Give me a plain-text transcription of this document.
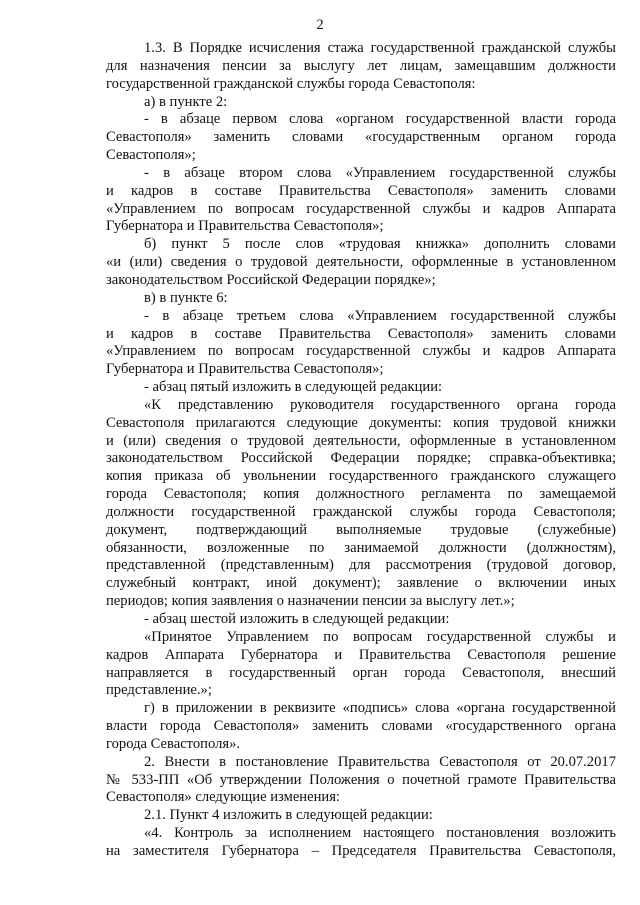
2
1.3. В Порядке исчисления стажа государственной гражданской службы
для назначения пенсии за выслугу лет лицам, замещавшим должности
государственной гражданской службы города Севастополя:
а) в пункте 2:
- в абзаце первом слова «органом государственной власти города
Севастополя» заменить словами «государственным органом города
Севастополя»;
- в абзаце втором слова «Управлением государственной службы
и кадров в составе Правительства Севастополя» заменить словами
«Управлением по вопросам государственной службы и кадров Аппарата
Губернатора и Правительства Севастополя»;
б) пункт 5 после слов «трудовая книжка» дополнить словами
«и (или) сведения о трудовой деятельности, оформленные в установленном
законодательством Российской Федерации порядке»;
в) в пункте 6:
- в абзаце третьем слова «Управлением государственной службы
и кадров в составе Правительства Севастополя» заменить словами
«Управлением по вопросам государственной службы и кадров Аппарата
Губернатора и Правительства Севастополя»;
- абзац пятый изложить в следующей редакции:
«К представлению руководителя государственного органа города
Севастополя прилагаются следующие документы: копия трудовой книжки
и (или) сведения о трудовой деятельности, оформленные в установленном
законодательством Российской Федерации порядке; справка-объективка;
копия приказа об увольнении государственного гражданского служащего
города Севастополя; копия должностного регламента по замещаемой
должности государственной гражданской службы города Севастополя;
документ, подтверждающий выполняемые трудовые (служебные)
обязанности, возложенные по занимаемой должности (должностям),
представленной (представленным) для рассмотрения (трудовой договор,
служебный контракт, иной документ); заявление о включении иных
периодов; копия заявления о назначении пенсии за выслугу лет.»;
- абзац шестой изложить в следующей редакции:
«Принятое Управлением по вопросам государственной службы и
кадров Аппарата Губернатора и Правительства Севастополя решение
направляется в государственный орган города Севастополя, внесший
представление.»;
г) в приложении в реквизите «подпись» слова «органа государственной
власти города Севастополя» заменить словами «государственного органа
города Севастополя».
2. Внести в постановление Правительства Севастополя от 20.07.2017
№ 533-ПП «Об утверждении Положения о почетной грамоте Правительства
Севастополя» следующие изменения:
2.1. Пункт 4 изложить в следующей редакции:
«4. Контроль за исполнением настоящего постановления возложить
на заместителя Губернатора – Председателя Правительства Севастополя,
